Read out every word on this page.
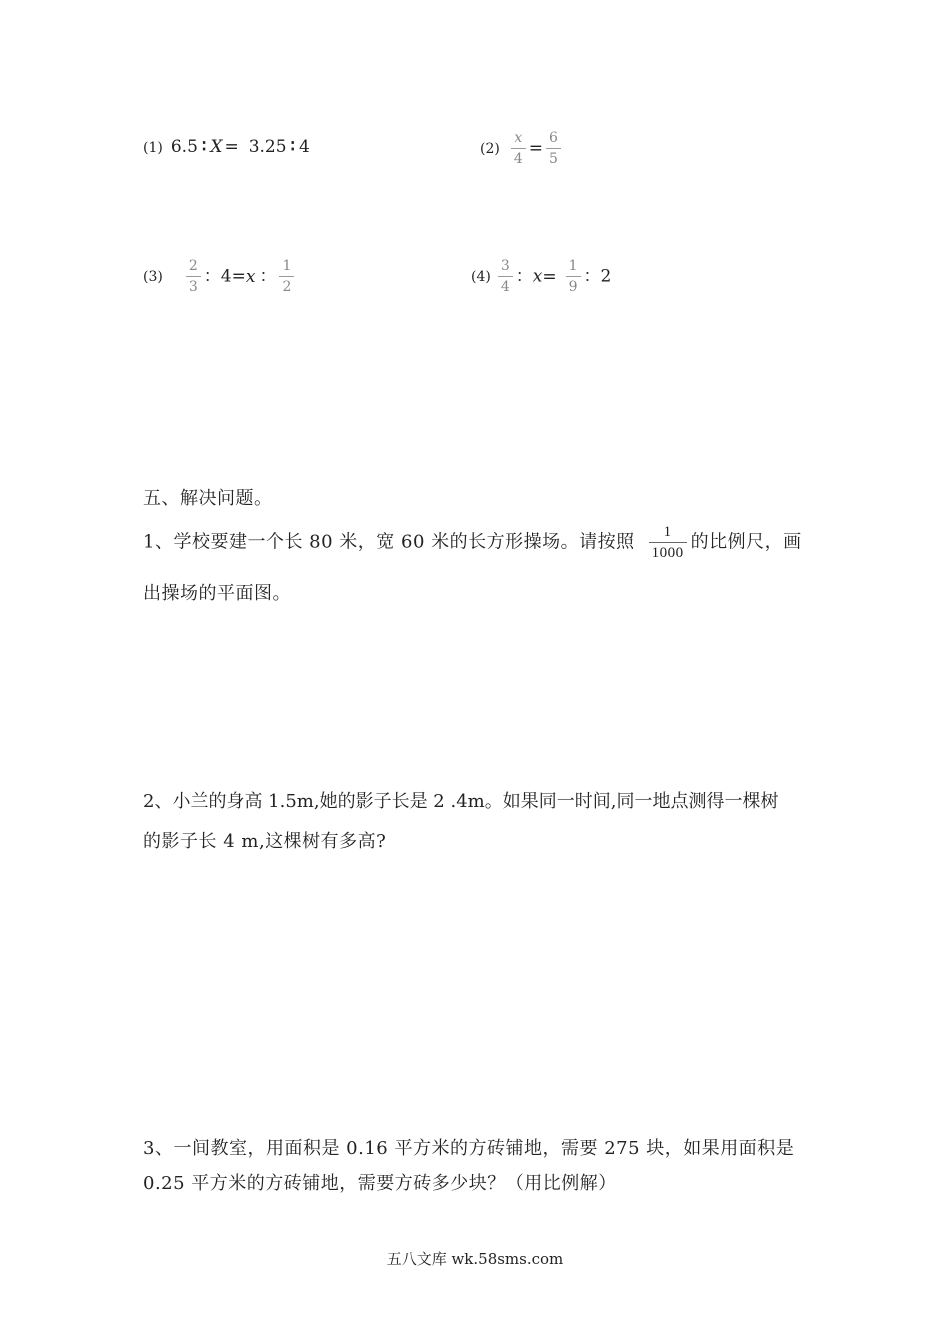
(1) 6.5 ∶ X = 3.25 ∶ 4	$(2) \frac{x}{4} = \frac{6}{5}$
$(3) \frac{2}{3}$ ：4=x ： $\frac{1}{2}$	$(4) \frac{3}{4}$ ：$x= \frac{1}{9}$ ：2
五、解决问题。
1、学校要建一个长 80 米，宽 60 米的长方形操场。请按照 $\frac{1}{1000}$ 的比例尺，画
出操场的平面图。
2、小兰的身高 1.5m,她的影子长是 2 .4m。如果同一时间,同一地点测得一棵树
的影子长 4 m,这棵树有多高?
3、一间教室，用面积是 0.16 平方米的方砖铺地，需要 275 块，如果用面积是
0.25 平方米的方砖铺地，需要方砖多少块？（用比例解）
五八文库 wk.58sms.com
